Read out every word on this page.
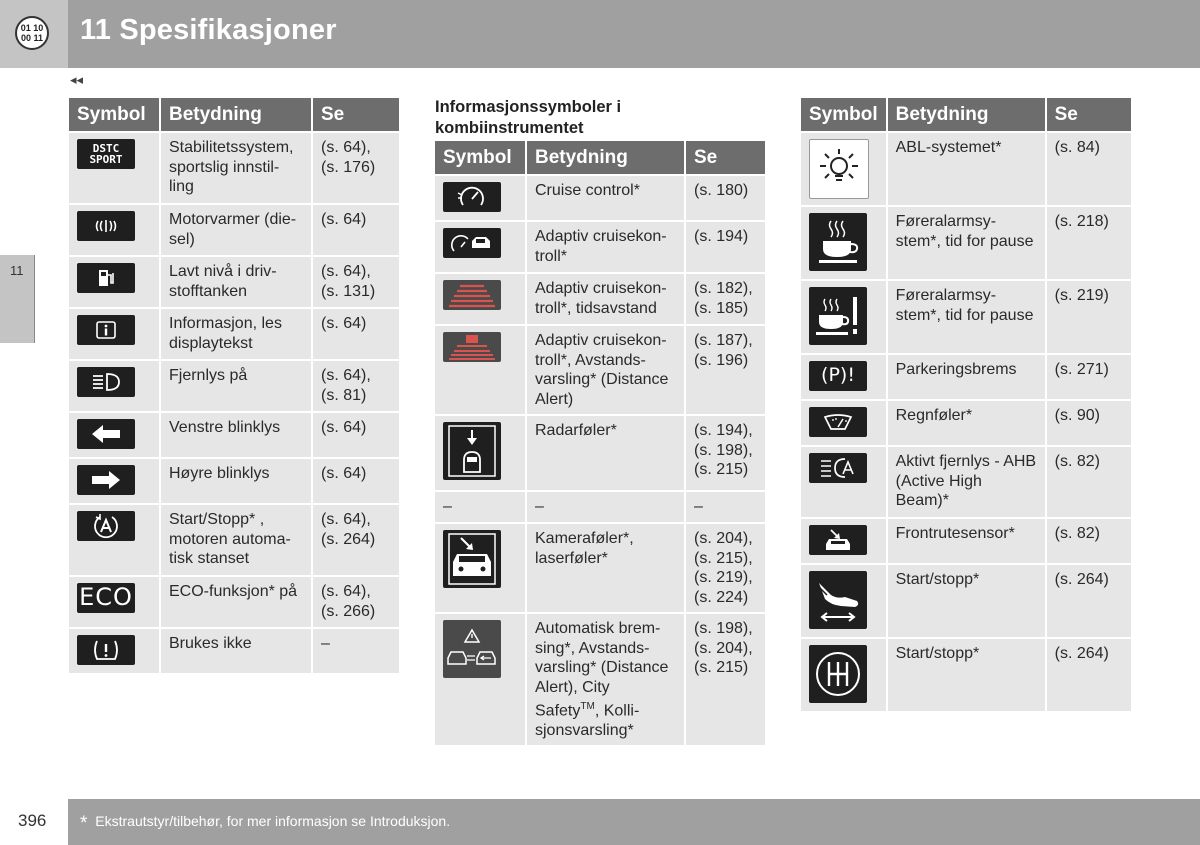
01 10
00 11 11 Spesifikasjoner
◂◂
11
Symbol	Betydning	Se

DSTC
SPORT	Stabilitetssystem, sportslig innstil-ling	(s. 64), (s. 176)

	Motorvarmer (die-sel)	(s. 64)

	Lavt nivå i driv-stofftanken	(s. 64), (s. 131)

	Informasjon, les displaytekst	(s. 64)

	Fjernlys på	(s. 64), (s. 81)

	Venstre blinklys	(s. 64)

	Høyre blinklys	(s. 64)

	Start/Stopp* , motoren automa-tisk stanset	(s. 64), (s. 264)

ECO	ECO-funksjon* på	(s. 64), (s. 266)

	Brukes ikke	–
Informasjonssymboler i kombiinstrumentet
Symbol	Betydning	Se

	Cruise control*	(s. 180)

	Adaptiv cruisekon-troll*	(s. 194)

	Adaptiv cruisekon-troll*, tidsavstand	(s. 182), (s. 185)

	Adaptiv cruisekon-troll*, Avstands-varsling* (Distance Alert)	(s. 187), (s. 196)

	Radarføler*	(s. 194), (s. 198), (s. 215)
–	–	–

	Kameraføler*, laserføler*	(s. 204), (s. 215), (s. 219), (s. 224)

	Automatisk brem-sing*, Avstands-varsling* (Distance Alert), City Safety™, Kolli-sjonsvarsling*	(s. 198), (s. 204), (s. 215)
Symbol	Betydning	Se

	ABL-systemet*	(s. 84)

	Føreralarmsy-stem*, tid for pause	(s. 218)

	Føreralarmsy-stem*, tid for pause	(s. 219)

(P)!	Parkeringsbrems	(s. 271)

	Regnføler*	(s. 90)

	Aktivt fjernlys - AHB (Active High Beam)*	(s. 82)

	Frontrutesensor*	(s. 82)

	Start/stopp*	(s. 264)

	Start/stopp*	(s. 264)
396 * Ekstrautstyr/tilbehør, for mer informasjon se Introduksjon.
